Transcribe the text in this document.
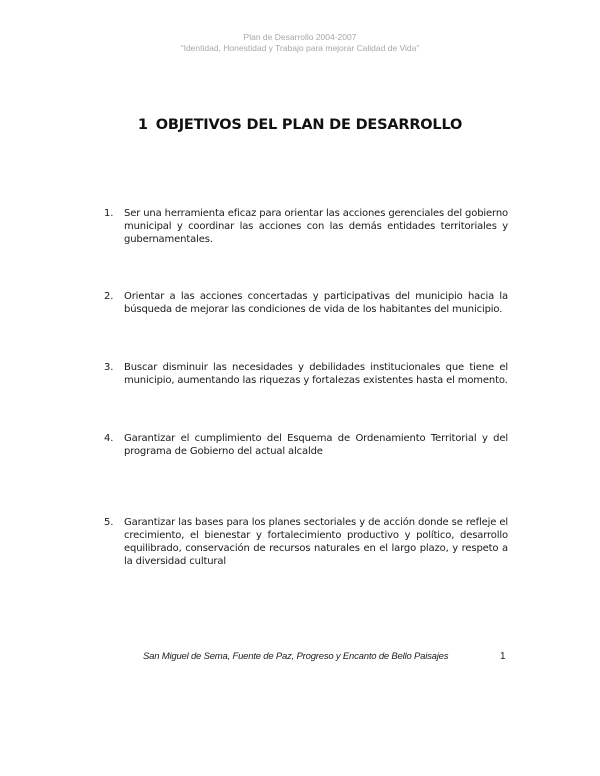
Plan de Desarrollo 2004-2007
“Identidad, Honestidad y Trabajo para mejorar Calidad de Vida”
1 OBJETIVOS DEL PLAN DE DESARROLLO
1.	Ser una herramienta eficaz para orientar las acciones gerenciales del gobierno municipal y coordinar las acciones con las demás entidades territoriales y gubernamentales.
2.	Orientar a las acciones concertadas y participativas del municipio hacia la búsqueda de mejorar las condiciones de vida de los habitantes del municipio.
3.	Buscar disminuir las necesidades y debilidades institucionales que tiene el municipio, aumentando las riquezas y fortalezas existentes hasta el momento.
4.	Garantizar el cumplimiento del Esquema de Ordenamiento Territorial y del programa de Gobierno del actual alcalde
5.	Garantizar las bases para los planes sectoriales y de acción donde se refleje el crecimiento, el bienestar y fortalecimiento productivo y político, desarrollo equilibrado, conservación de recursos naturales en el largo plazo, y respeto a la diversidad cultural
San Miguel de Sema, Fuente de Paz, Progreso y Encanto de Bello Paisajes	1
